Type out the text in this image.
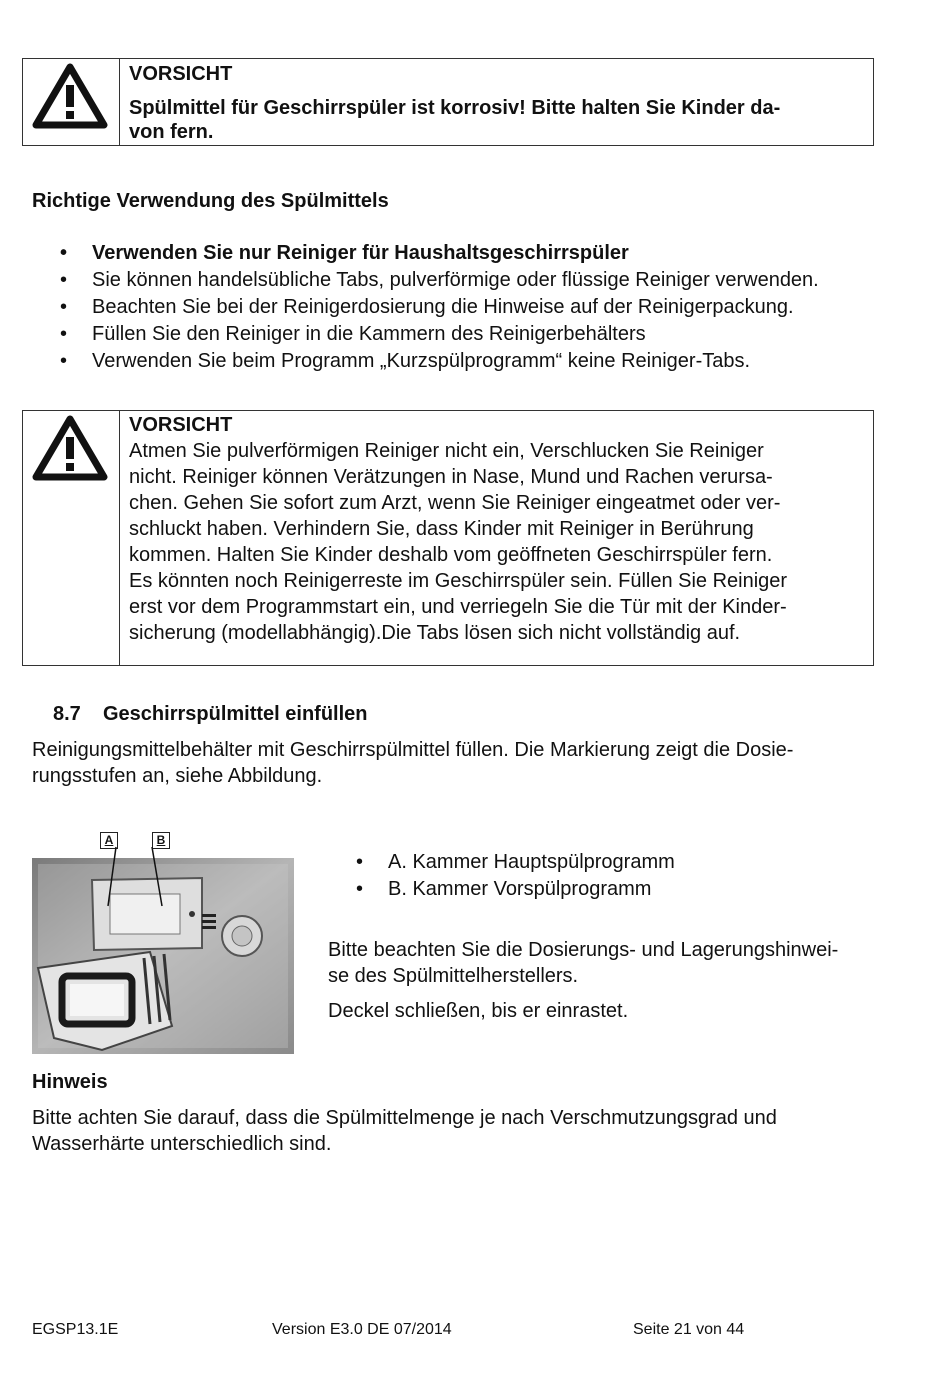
VORSICHT

Spülmittel für Geschirrspüler ist korrosiv! Bitte halten Sie Kinder da-

von fern.

Richtige Verwendung des Spülmittels
• Verwenden Sie nur Reiniger für Haushaltsgeschirrspüler
• Sie können handelsübliche Tabs, pulverförmige oder flüssige Reiniger verwenden.
• Beachten Sie bei der Reinigerdosierung die Hinweise auf der Reinigerpackung.
• Füllen Sie den Reiniger in die Kammern des Reinigerbehälters
• Verwenden Sie beim Programm „Kurzspülprogramm“ keine Reiniger-Tabs.

VORSICHT

Atmen Sie pulverförmigen Reiniger nicht ein, Verschlucken Sie Reiniger

nicht. Reiniger können Verätzungen in Nase, Mund und Rachen verursa-

chen. Gehen Sie sofort zum Arzt, wenn Sie Reiniger eingeatmet oder ver-

schluckt haben. Verhindern Sie, dass Kinder mit Reiniger in Berührung

kommen. Halten Sie Kinder deshalb vom geöffneten Geschirrspüler fern.

Es könnten noch Reinigerreste im Geschirrspüler sein. Füllen Sie Reiniger

erst vor dem Programmstart ein, und verriegeln Sie die Tür mit der Kinder-

sicherung (modellabhängig).Die Tabs lösen sich nicht vollständig auf.

8.7 Geschirrspülmittel einfüllen

Reinigungsmittelbehälter mit Geschirrspülmittel füllen. Die Markierung zeigt die Dosie-

rungsstufen an, siehe Abbildung.

A	B
• A. Kammer Hauptspülprogramm
• B. Kammer Vorspülprogramm

Bitte beachten Sie die Dosierungs- und Lagerungshinwei-

se des Spülmittelherstellers.

Deckel schließen, bis er einrastet.
Hinweis

Bitte achten Sie darauf, dass die Spülmittelmenge je nach Verschmutzungsgrad und

Wasserhärte unterschiedlich sind.

EGSP13.1E	Version E3.0 DE 07/2014	Seite 21 von 44
